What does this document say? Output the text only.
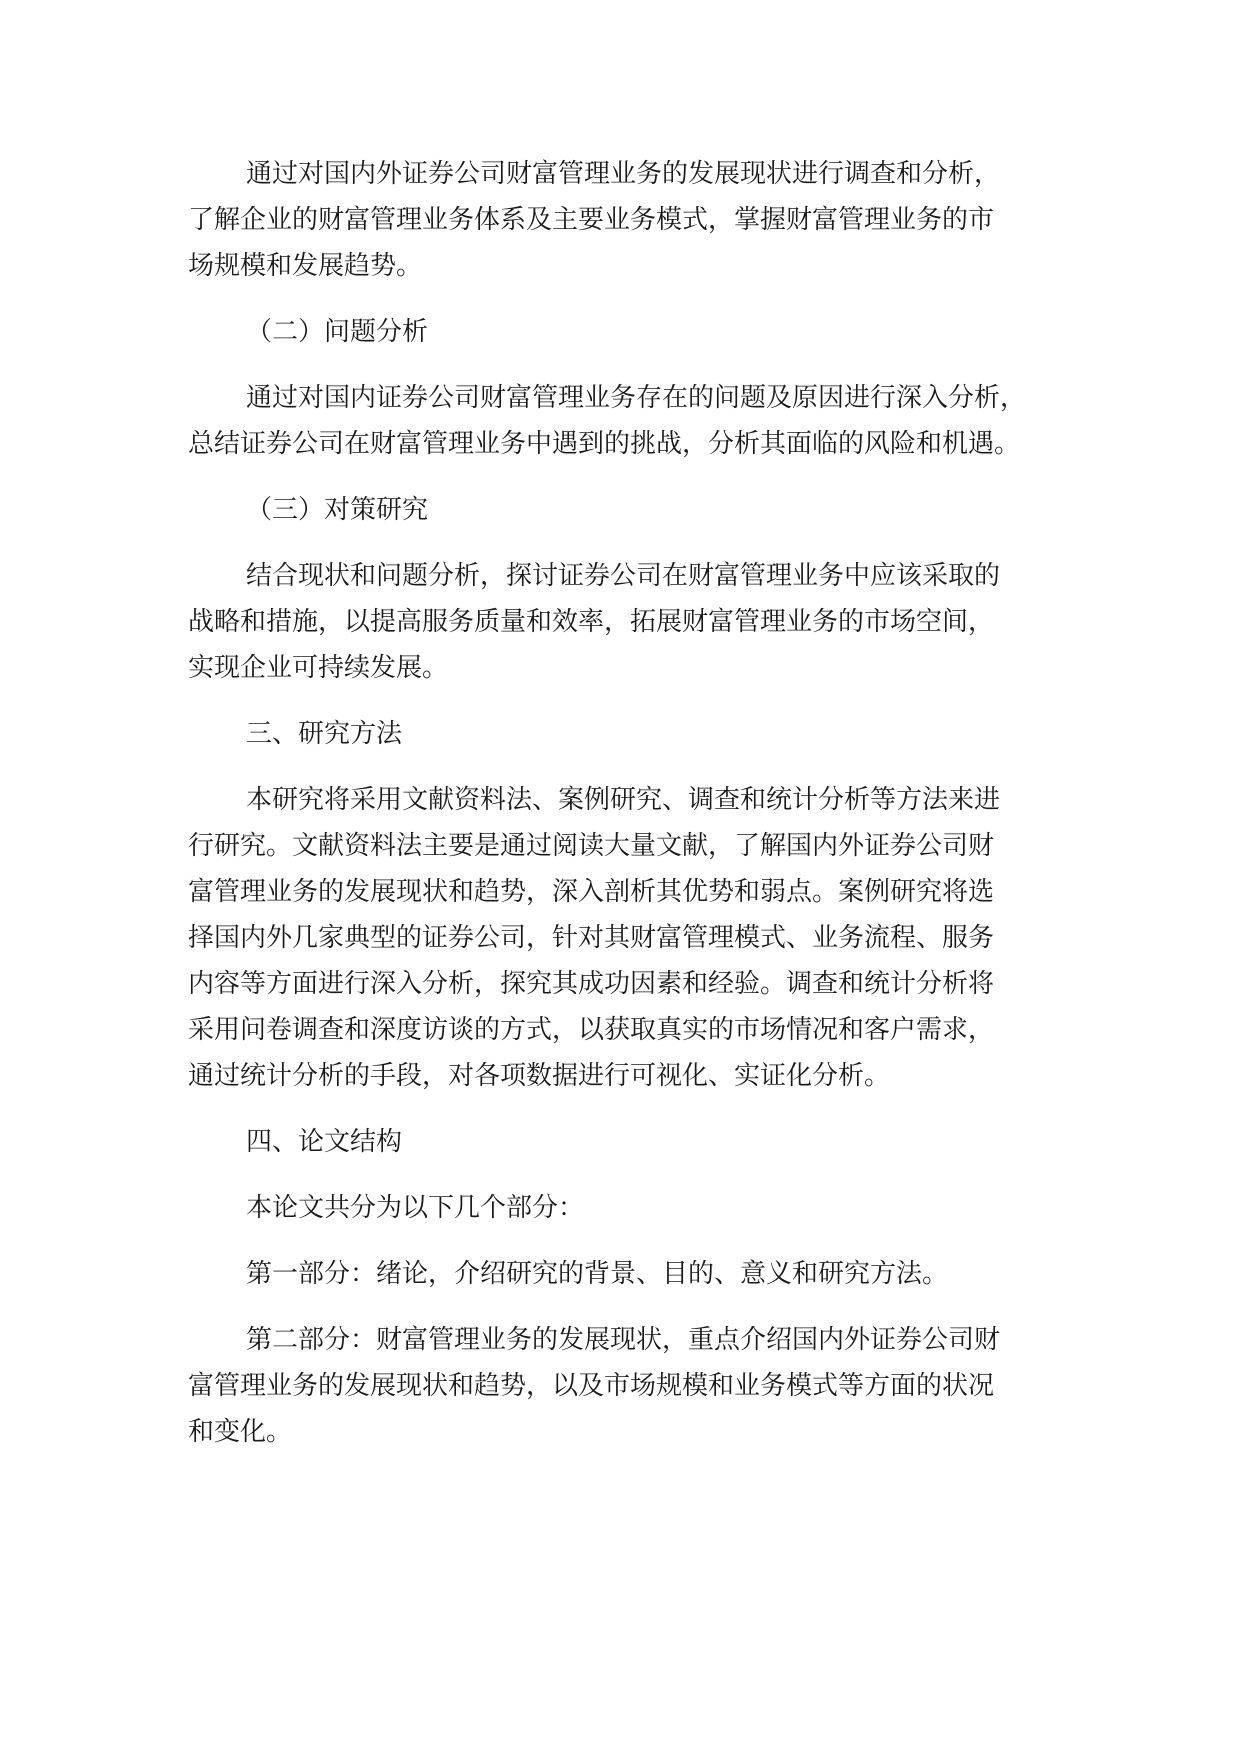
通过对国内外证券公司财富管理业务的发展现状进行调查和分析，
了解企业的财富管理业务体系及主要业务模式，掌握财富管理业务的市
场规模和发展趋势。
（二）问题分析
通过对国内证券公司财富管理业务存在的问题及原因进行深入分析，
总结证券公司在财富管理业务中遇到的挑战，分析其面临的风险和机遇。
（三）对策研究
结合现状和问题分析，探讨证券公司在财富管理业务中应该采取的
战略和措施，以提高服务质量和效率，拓展财富管理业务的市场空间，
实现企业可持续发展。
三、研究方法
本研究将采用文献资料法、案例研究、调查和统计分析等方法来进
行研究。文献资料法主要是通过阅读大量文献，了解国内外证券公司财
富管理业务的发展现状和趋势，深入剖析其优势和弱点。案例研究将选
择国内外几家典型的证券公司，针对其财富管理模式、业务流程、服务
内容等方面进行深入分析，探究其成功因素和经验。调查和统计分析将
采用问卷调查和深度访谈的方式，以获取真实的市场情况和客户需求，
通过统计分析的手段，对各项数据进行可视化、实证化分析。
四、论文结构
本论文共分为以下几个部分：
第一部分：绪论，介绍研究的背景、目的、意义和研究方法。
第二部分：财富管理业务的发展现状，重点介绍国内外证券公司财
富管理业务的发展现状和趋势，以及市场规模和业务模式等方面的状况
和变化。
